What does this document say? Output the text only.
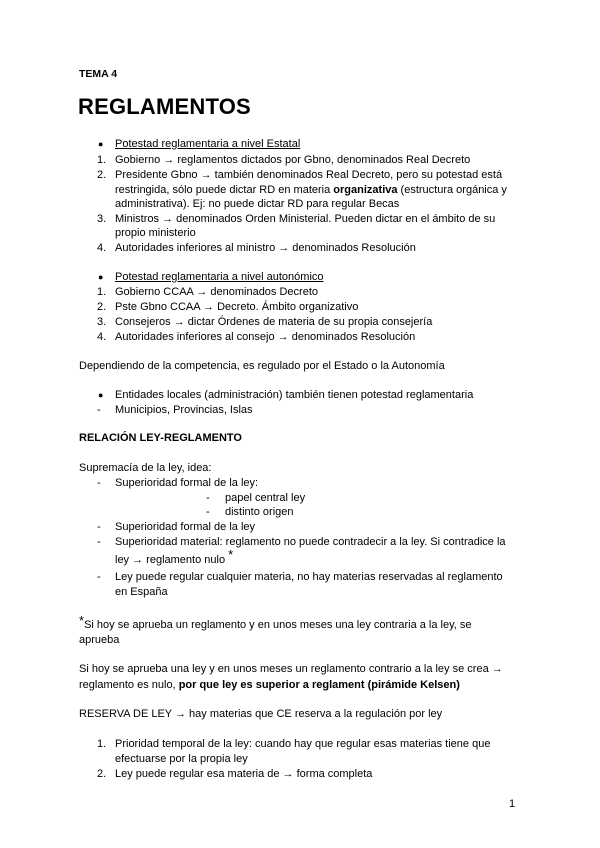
TEMA 4
REGLAMENTOS
● Potestad reglamentaria a nivel Estatal
1. Gobierno → reglamentos dictados por Gbno, denominados Real Decreto
2. Presidente Gbno → también denominados Real Decreto, pero su potestad está
restringida, sólo puede dictar RD en materia organizativa (estructura orgánica y
administrativa). Ej: no puede dictar RD para regular Becas
3. Ministros → denominados Orden Ministerial. Pueden dictar en el ámbito de su
propio ministerio
4. Autoridades inferiores al ministro → denominados Resolución
● Potestad reglamentaria a nivel autonómico
1. Gobierno CCAA → denominados Decreto
2. Pste Gbno CCAA → Decreto. Ámbito organizativo
3. Consejeros → dictar Órdenes de materia de su propia consejería
4. Autoridades inferiores al consejo → denominados Resolución
Dependiendo de la competencia, es regulado por el Estado o la Autonomía
● Entidades locales (administración) también tienen potestad reglamentaria
- Municipios, Provincias, Islas
RELACIÓN LEY-REGLAMENTO
Supremacía de la ley, idea:
- Superioridad formal de la ley:
- papel central ley
- distinto origen
- Superioridad formal de la ley
- Superioridad material: reglamento no puede contradecir a la ley. Si contradice la
ley → reglamento nulo *
- Ley puede regular cualquier materia, no hay materias reservadas al reglamento
en España
*Si hoy se aprueba un reglamento y en unos meses una ley contraria a la ley, se
aprueba
Si hoy se aprueba una ley y en unos meses un reglamento contrario a la ley se crea →
reglamento es nulo, por que ley es superior a reglament (pirámide Kelsen)
RESERVA DE LEY → hay materias que CE reserva a la regulación por ley
1. Prioridad temporal de la ley: cuando hay que regular esas materias tiene que
efectuarse por la propia ley
2. Ley puede regular esa materia de → forma completa
1
